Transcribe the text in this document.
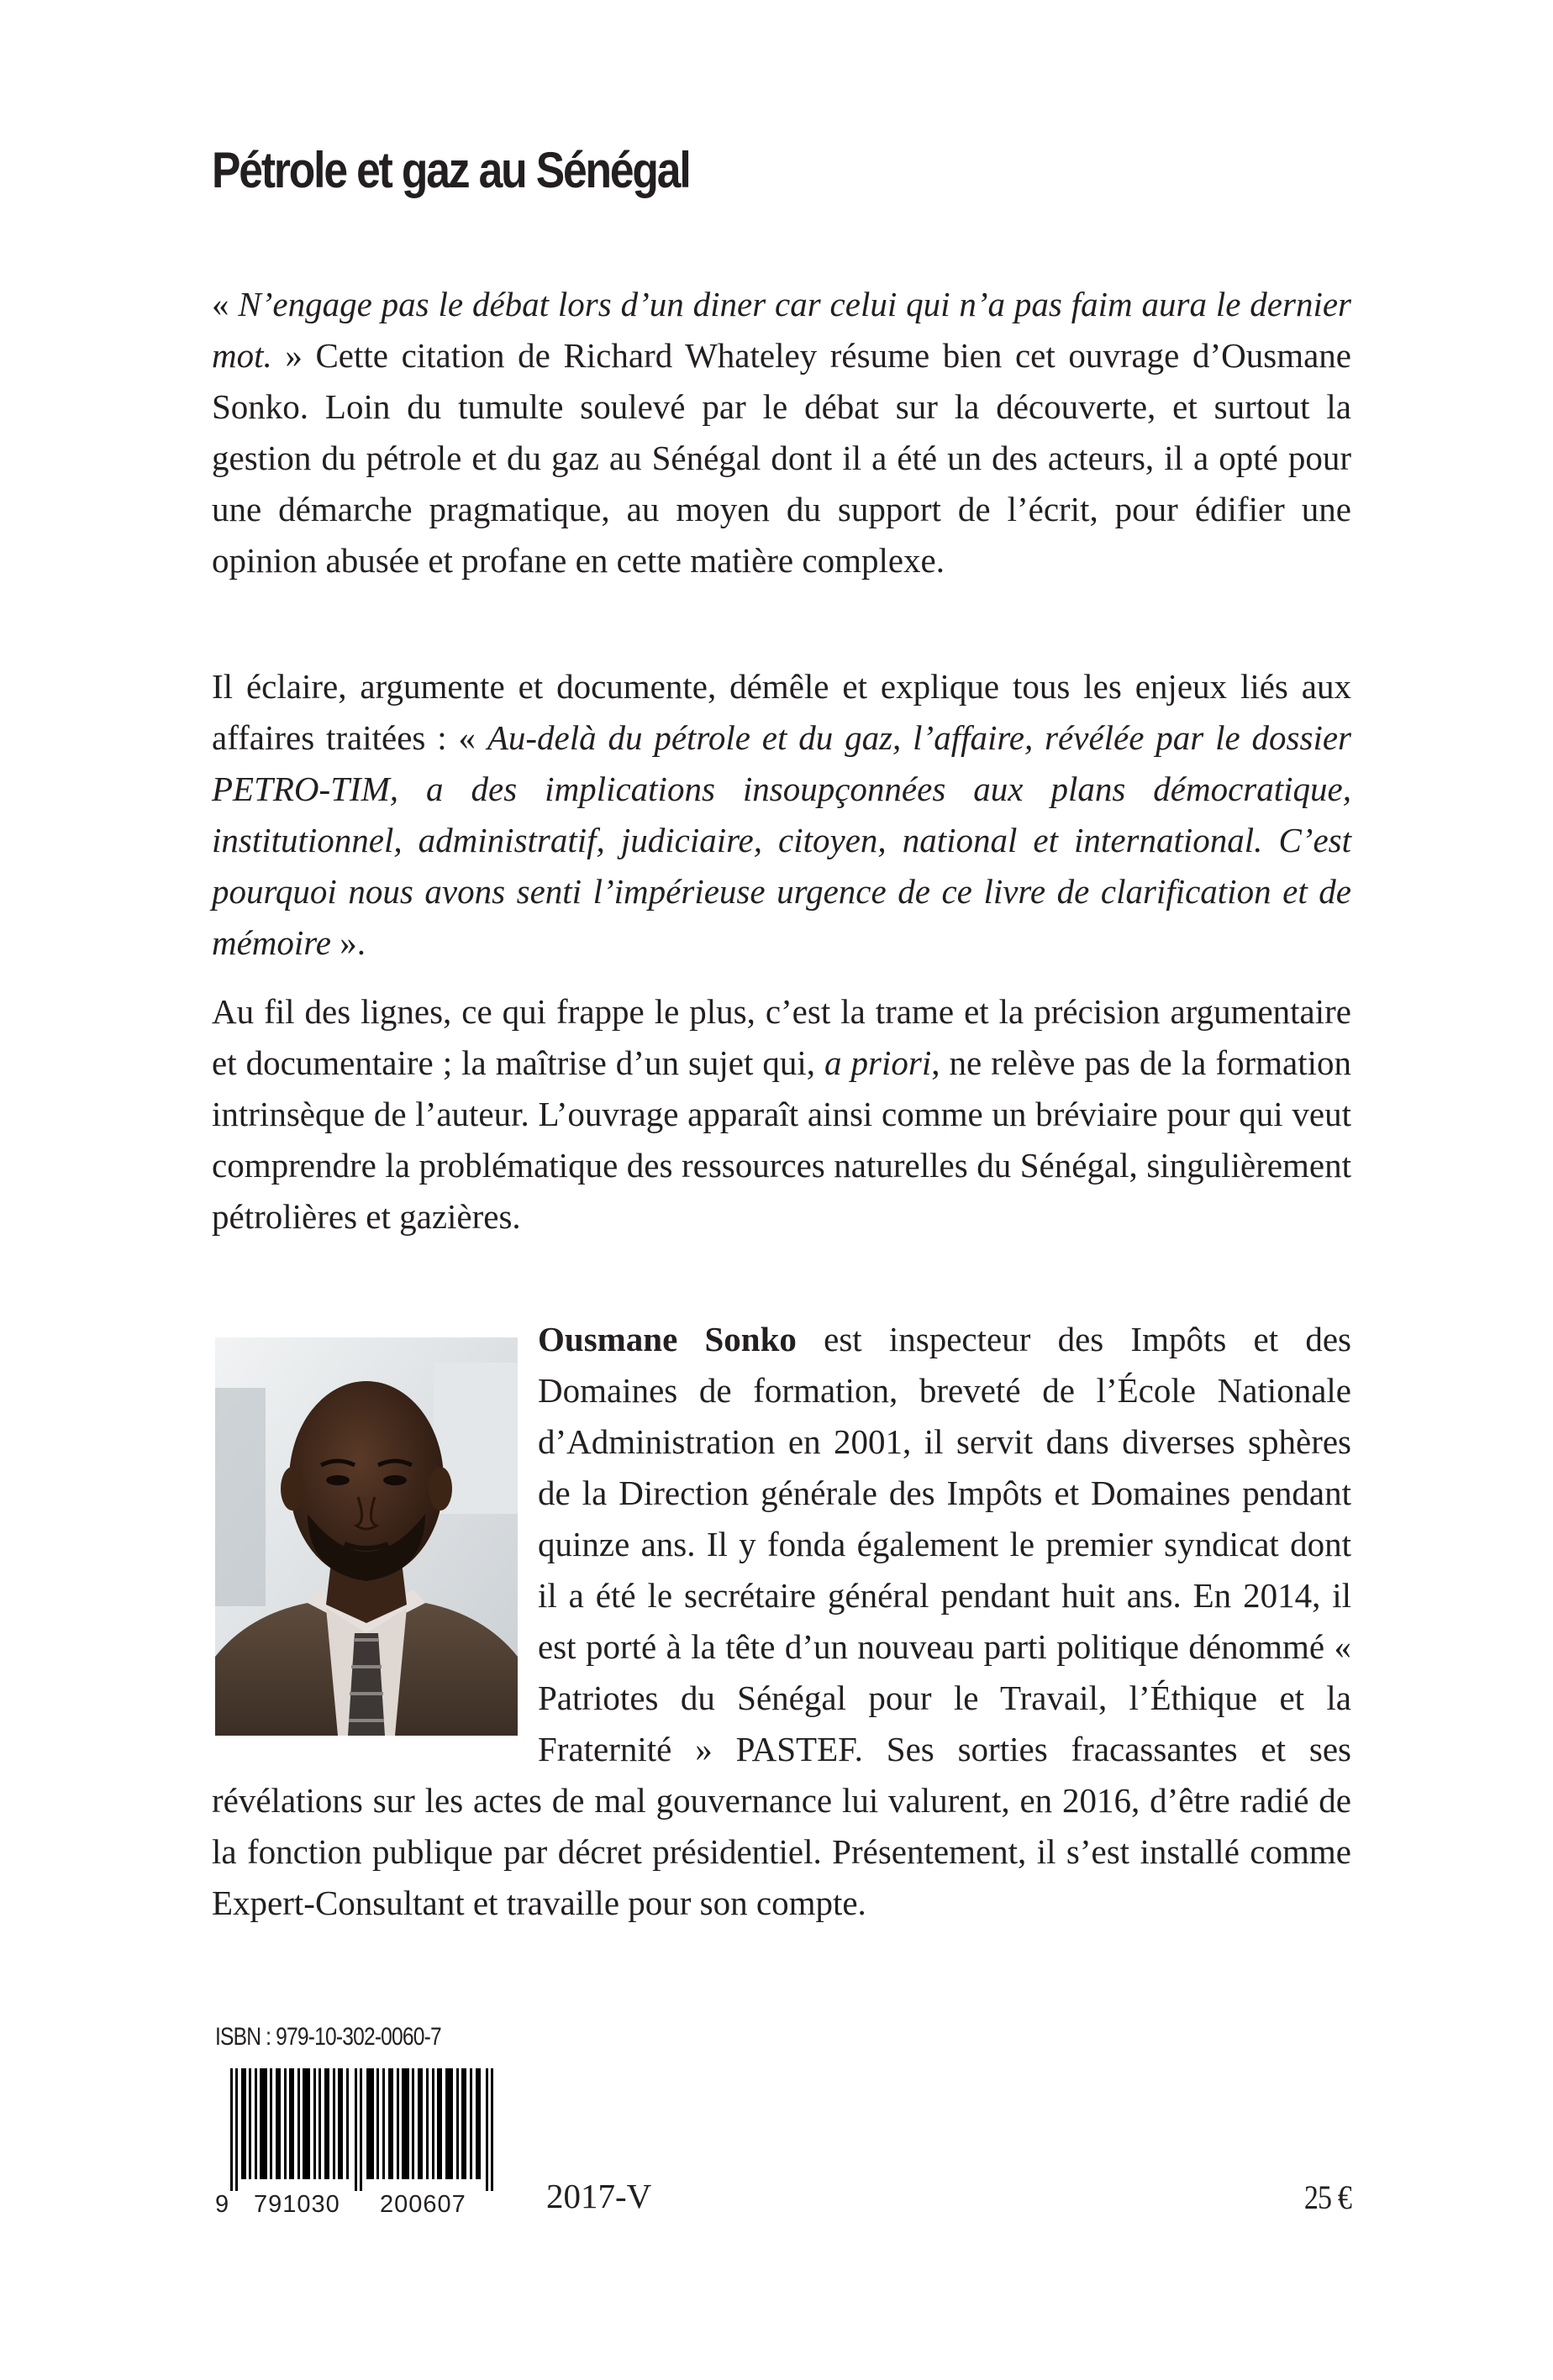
Pétrole et gaz au Sénégal

« N’engage pas le débat lors d’un diner car celui qui n’a pas faim aura le dernier mot. » Cette citation de Richard Whateley résume bien cet ouvrage d’Ousmane Sonko. Loin du tumulte soulevé par le débat sur la découverte, et surtout la gestion du pétrole et du gaz au Sénégal dont il a été un des acteurs, il a opté pour une démarche pragmatique, au moyen du support de l’écrit, pour édifier une opinion abusée et profane en cette matière complexe.

Il éclaire, argumente et documente, démêle et explique tous les enjeux liés aux affaires traitées : « Au-delà du pétrole et du gaz, l’affaire, révélée par le dossier PETRO-TIM, a des implications insoupçonnées aux plans démocratique, institutionnel, administratif, judiciaire, citoyen, national et international. C’est pourquoi nous avons senti l’impérieuse urgence de ce livre de clarification et de mémoire ».

Au fil des lignes, ce qui frappe le plus, c’est la trame et la précision argumentaire et documentaire ; la maîtrise d’un sujet qui, a priori, ne relève pas de la formation intrinsèque de l’auteur. L’ouvrage apparaît ainsi comme un bréviaire pour qui veut comprendre la problématique des ressources naturelles du Sénégal, singulièrement pétrolières et gazières.

Ousmane Sonko est inspecteur des Impôts et des Domaines de formation, breveté de l’École Nationale d’Administration en 2001, il servit dans diverses sphères de la Direction générale des Impôts et Domaines pendant quinze ans. Il y fonda également le premier syndicat dont il a été le secrétaire général pendant huit ans. En 2014, il est porté à la tête d’un nouveau parti politique dénommé « Patriotes du Sénégal pour le Travail, l’Éthique et la Fraternité » PASTEF. Ses sorties fracassantes et ses révélations sur les actes de mal gouvernance lui valurent, en 2016, d’être radié de la fonction publique par décret présidentiel. Présentement, il s’est installé comme Expert-Consultant et travaille pour son compte.

ISBN : 979-10-302-0060-7
9 791030 200607 2017-V	25 €
